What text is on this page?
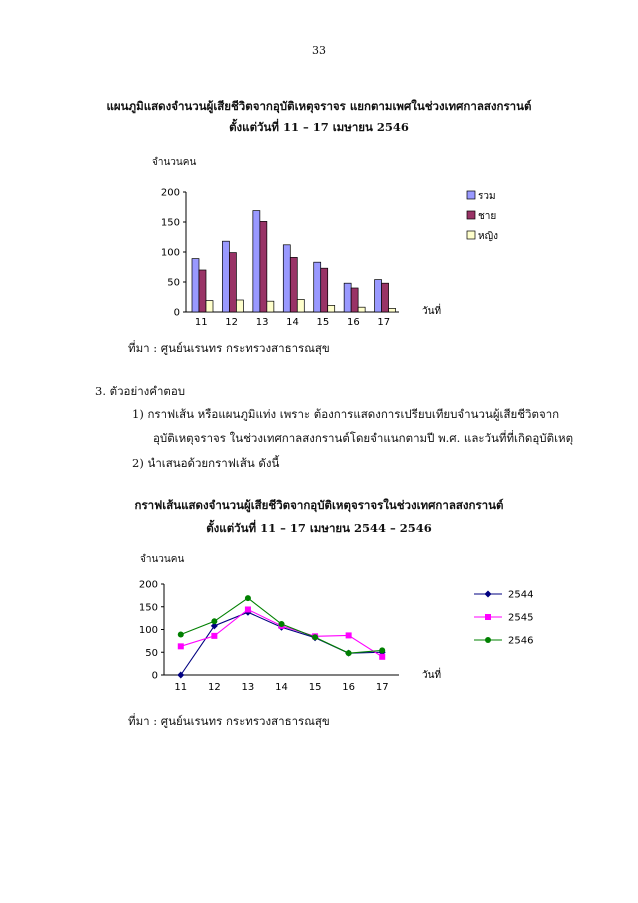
33
แผนภูมิแสดงจำนวนผู้เสียชีวิตจากอุบัติเหตุจราจร แยกตามเพศในช่วงเทศกาลสงกรานต์
ตั้งแต่วันที่ 11 – 17 เมษายน 2546
จำนวนคน
0
50
100
150
200
11 12 13 14 15 16 17
วันที่
รวม
ชาย
หญิง
ที่มา : ศูนย์นเรนทร กระทรวงสาธารณสุข
3. ตัวอย่างคำตอบ
1) กราฟเส้น หรือแผนภูมิแท่ง เพราะ ต้องการแสดงการเปรียบเทียบจำนวนผู้เสียชีวิตจาก
อุบัติเหตุจราจร ในช่วงเทศกาลสงกรานต์โดยจำแนกตามปี พ.ศ. และวันที่ที่เกิดอุบัติเหตุ
2) นำเสนอด้วยกราฟเส้น ดังนี้
กราฟเส้นแสดงจำนวนผู้เสียชีวิตจากอุบัติเหตุจราจรในช่วงเทศกาลสงกรานต์
ตั้งแต่วันที่ 11 – 17 เมษายน 2544 – 2546
จำนวนคน
0
50
100
150
200
11 12 13 14 15 16 17
วันที่
2544
2545
2546
ที่มา : ศูนย์นเรนทร กระทรวงสาธารณสุข
